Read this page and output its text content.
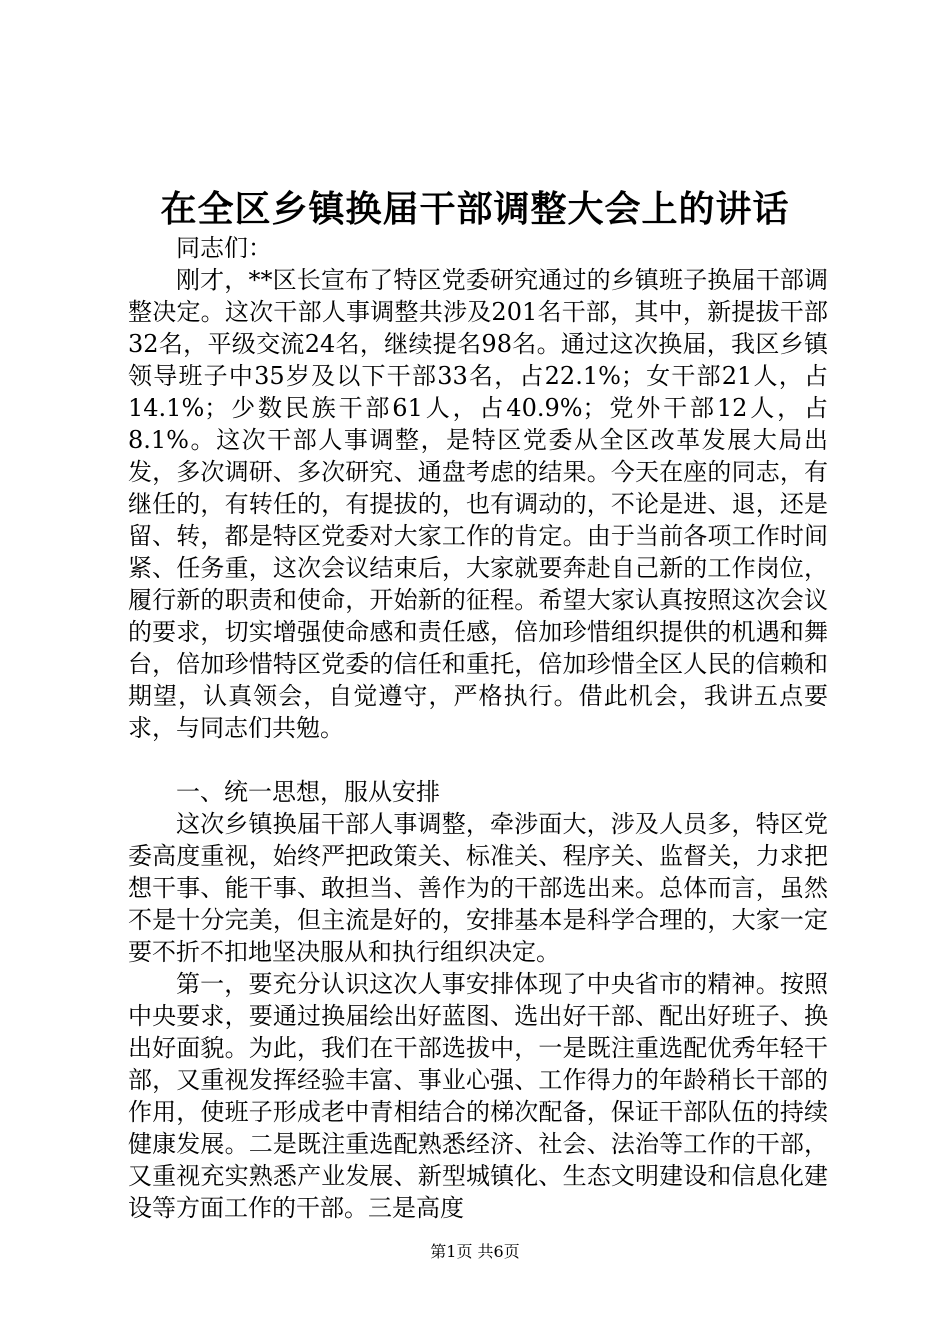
在全区乡镇换届干部调整大会上的讲话

同志们：

刚才，**区长宣布了特区党委研究通过的乡镇班子换届干部调整决定。这次干部人事调整共涉及201名干部，其中，新提拔干部32名，平级交流24名，继续提名98名。通过这次换届，我区乡镇领导班子中35岁及以下干部33名，占22.1%；女干部21人，占14.1%；少数民族干部61人，占40.9%；党外干部12人，占8.1%。这次干部人事调整，是特区党委从全区改革发展大局出发，多次调研、多次研究、通盘考虑的结果。今天在座的同志，有继任的，有转任的，有提拔的，也有调动的，不论是进、退，还是留、转，都是特区党委对大家工作的肯定。由于当前各项工作时间紧、任务重，这次会议结束后，大家就要奔赴自己新的工作岗位，履行新的职责和使命，开始新的征程。希望大家认真按照这次会议的要求，切实增强使命感和责任感，倍加珍惜组织提供的机遇和舞台，倍加珍惜特区党委的信任和重托，倍加珍惜全区人民的信赖和期望，认真领会，自觉遵守，严格执行。借此机会，我讲五点要求，与同志们共勉。

一、统一思想，服从安排

这次乡镇换届干部人事调整，牵涉面大，涉及人员多，特区党委高度重视，始终严把政策关、标准关、程序关、监督关，力求把想干事、能干事、敢担当、善作为的干部选出来。总体而言，虽然不是十分完美，但主流是好的，安排基本是科学合理的，大家一定要不折不扣地坚决服从和执行组织决定。

第一，要充分认识这次人事安排体现了中央省市的精神。按照中央要求，要通过换届绘出好蓝图、选出好干部、配出好班子、换出好面貌。为此，我们在干部选拔中，一是既注重选配优秀年轻干部，又重视发挥经验丰富、事业心强、工作得力的年龄稍长干部的作用，使班子形成老中青相结合的梯次配备，保证干部队伍的持续健康发展。二是既注重选配熟悉经济、社会、法治等工作的干部，又重视充实熟悉产业发展、新型城镇化、生态文明建设和信息化建设等方面工作的干部。三是高度

第1页 共6页
